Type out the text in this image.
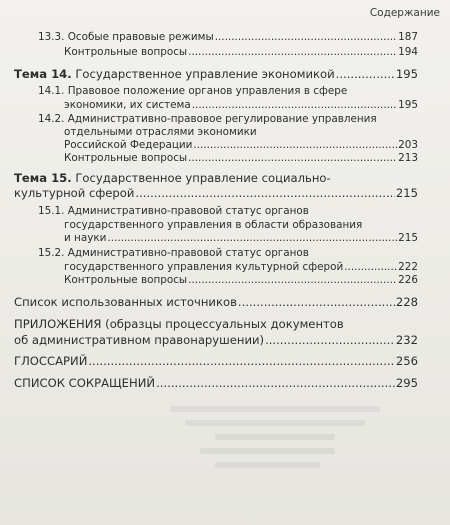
Содержание
13.3. Особые правовые режимы .....	187
Контрольные вопросы .....	194
Тема 14. Государственное управление экономикой .....	195
14.1. Правовое положение органов управления в сфере
экономики, их система .....	195
14.2. Административно-правовое регулирование управления
отдельными отраслями экономики
Российской Федерации .....	203
Контрольные вопросы .....	213
Тема 15. Государственное управление социально-
культурной сферой .....	215
15.1. Административно-правовой статус органов
государственного управления в области образования
и науки .....	215
15.2. Административно-правовой статус органов
государственного управления культурной сферой .....	222
Контрольные вопросы .....	226
Список использованных источников .....	228
ПРИЛОЖЕНИЯ (образцы процессуальных документов
об административном правонарушении) .....	232
ГЛОССАРИЙ .....	256
СПИСОК СОКРАЩЕНИЙ .....	295
